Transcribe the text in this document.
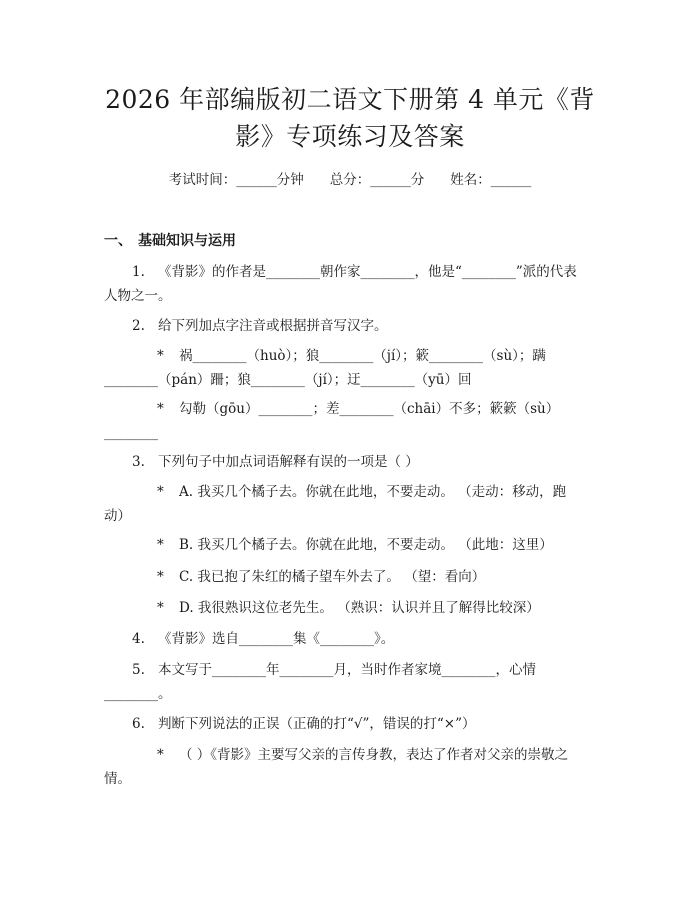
2026 年部编版初二语文下册第 4 单元《背
影》专项练习及答案
考试时间：______分钟 总分：______分 姓名：______
一、 基础知识与运用
1. 《背影》的作者是________朝作家________，他是“________”派的代表
人物之一。
2. 给下列加点字注音或根据拼音写汉字。
* 祸________（huò）；狼________（jí）；簌________（sù）；蹒
________（pán）跚；狼________（jí）；迂________（yū）回
* 勾勒（gōu）________；差________（chāi）不多；簌簌（sù）
________
3. 下列句子中加点词语解释有误的一项是（ ）
* A. 我买几个橘子去。你就在此地，不要走动。 （走动：移动，跑
动）
* B. 我买几个橘子去。你就在此地，不要走动。 （此地：这里）
* C. 我已抱了朱红的橘子望车外去了。 （望：看向）
* D. 我很熟识这位老先生。 （熟识：认识并且了解得比较深）
4. 《背影》选自________集《________》。
5. 本文写于________年________月，当时作者家境________，心情
________。
6. 判断下列说法的正误（正确的打“√”，错误的打“×”）
* （ ）《背影》主要写父亲的言传身教，表达了作者对父亲的崇敬之
情。
